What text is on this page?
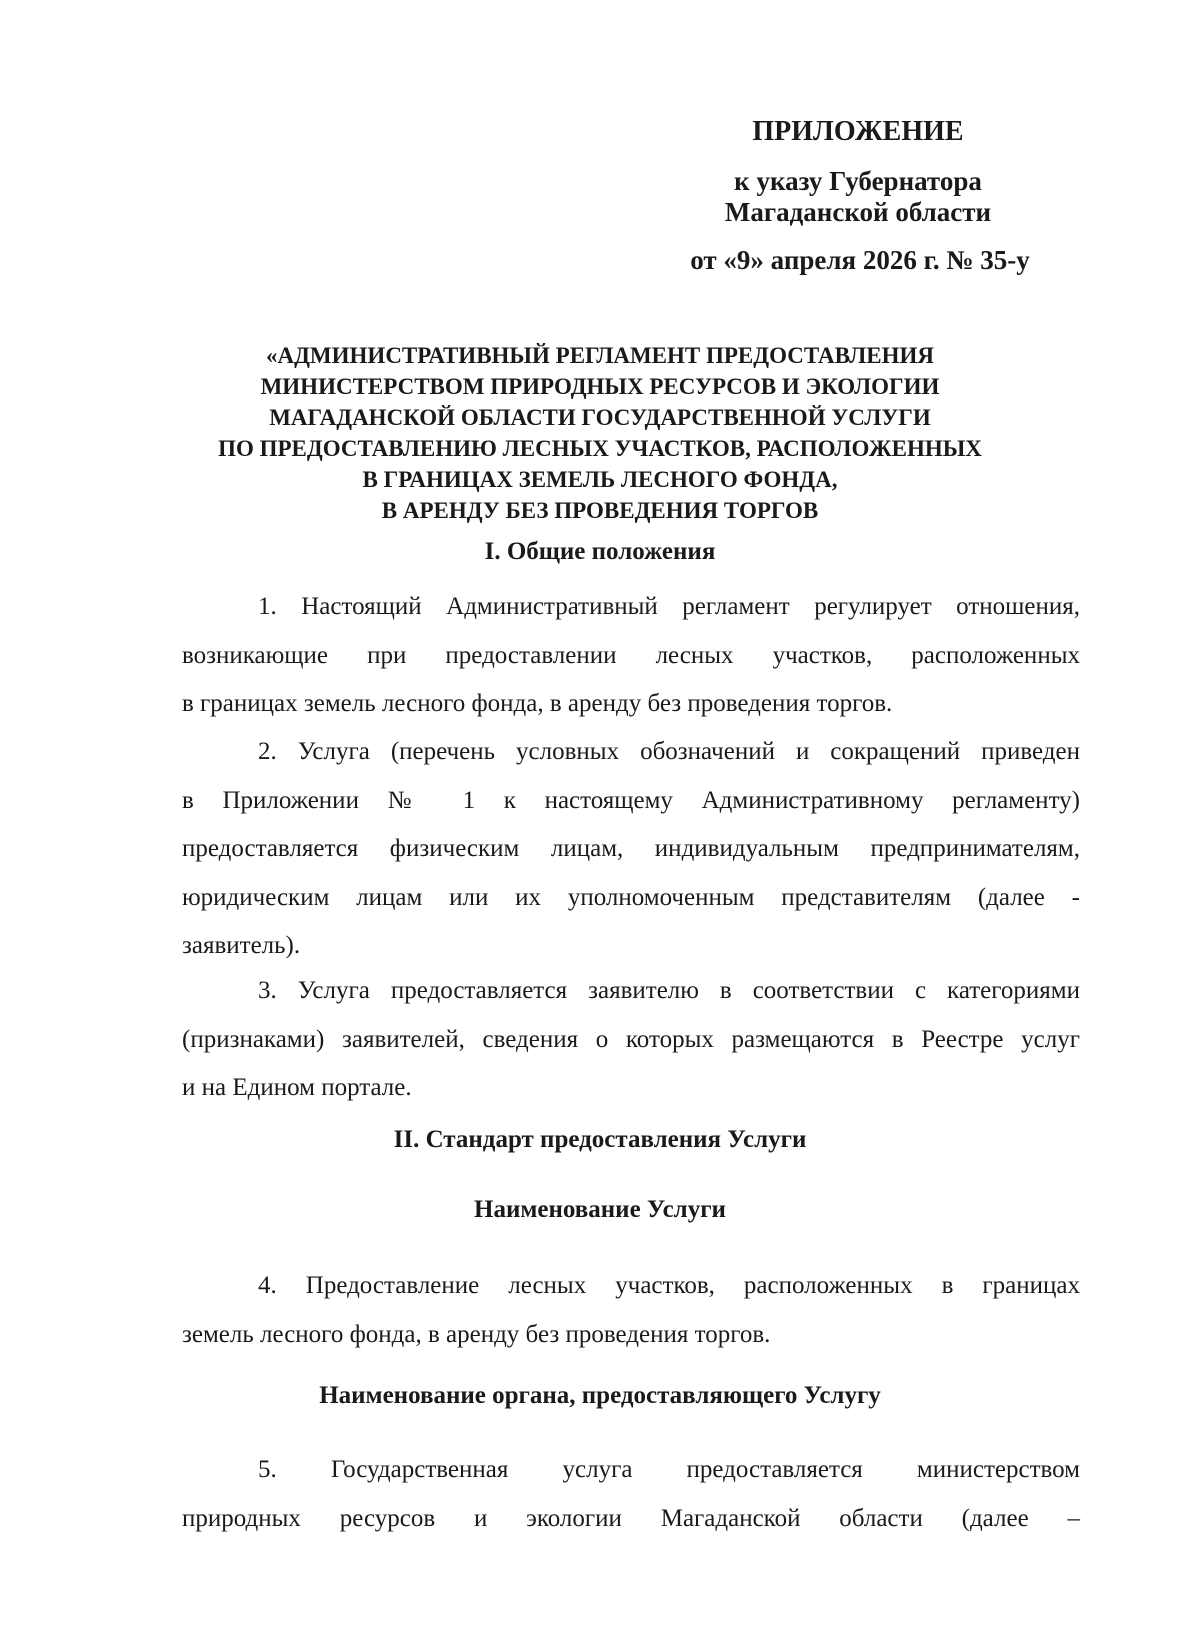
ПРИЛОЖЕНИЕ
к указу Губернатора
Магаданской области
от «9» апреля 2026 г. № 35-у
«АДМИНИСТРАТИВНЫЙ РЕГЛАМЕНТ ПРЕДОСТАВЛЕНИЯ
МИНИСТЕРСТВОМ ПРИРОДНЫХ РЕСУРСОВ И ЭКОЛОГИИ
МАГАДАНСКОЙ ОБЛАСТИ ГОСУДАРСТВЕННОЙ УСЛУГИ
ПО ПРЕДОСТАВЛЕНИЮ ЛЕСНЫХ УЧАСТКОВ, РАСПОЛОЖЕННЫХ
В ГРАНИЦАХ ЗЕМЕЛЬ ЛЕСНОГО ФОНДА,
В АРЕНДУ БЕЗ ПРОВЕДЕНИЯ ТОРГОВ
I. Общие положения
1. Настоящий Административный регламент регулирует отношения,
возникающие при предоставлении лесных участков, расположенных
в границах земель лесного фонда, в аренду без проведения торгов.
2. Услуга (перечень условных обозначений и сокращений приведен
в Приложении № 1 к настоящему Административному регламенту)
предоставляется физическим лицам, индивидуальным предпринимателям,
юридическим лицам или их уполномоченным представителям (далее -
заявитель).
3. Услуга предоставляется заявителю в соответствии с категориями
(признаками) заявителей, сведения о которых размещаются в Реестре услуг
и на Едином портале.
II. Стандарт предоставления Услуги
Наименование Услуги
4. Предоставление лесных участков, расположенных в границах
земель лесного фонда, в аренду без проведения торгов.
Наименование органа, предоставляющего Услугу
5. Государственная услуга предоставляется министерством
природных ресурсов и экологии Магаданской области (далее –
